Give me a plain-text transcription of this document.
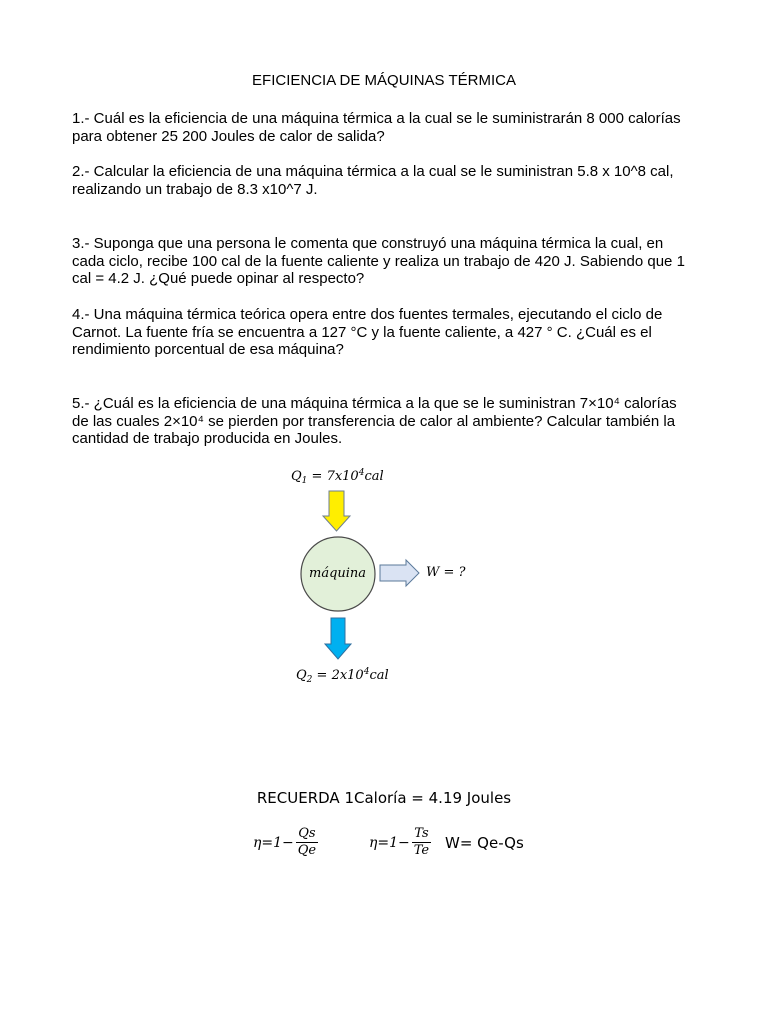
EFICIENCIA DE MÁQUINAS TÉRMICA
1.- Cuál es la eficiencia de una máquina térmica a la cual se le suministrarán 8 000 calorías para obtener 25 200 Joules de calor de salida?
2.- Calcular la eficiencia de una máquina térmica a la cual se le suministran 5.8 x 10^8 cal, realizando un trabajo de 8.3 x10^7 J.
3.- Suponga que una persona le comenta que construyó una máquina térmica la cual, en cada ciclo, recibe 100 cal de la fuente caliente y realiza un trabajo de 420 J. Sabiendo que 1 cal = 4.2 J. ¿Qué puede opinar al respecto?
4.- Una máquina térmica teórica opera entre dos fuentes termales, ejecutando el ciclo de Carnot. La fuente fría se encuentra a 127 °C y la fuente caliente, a 427 ° C. ¿Cuál es el rendimiento porcentual de esa máquina?
5.- ¿Cuál es la eficiencia de una máquina térmica a la que se le suministran 7×10⁴ calorías de las cuales 2×10⁴ se pierden por transferencia de calor al ambiente? Calcular también la cantidad de trabajo producida en Joules.
$Q_1 = 7x10^4cal$
máquina	W = ?
$Q_2 = 2x10^4cal$
RECUERDA 1Caloría = 4.19 Joules
$\eta=1- \frac{Qs}{Qe}$	$\eta=1- \frac{Ts}{Te} W= Qe-Qs$
